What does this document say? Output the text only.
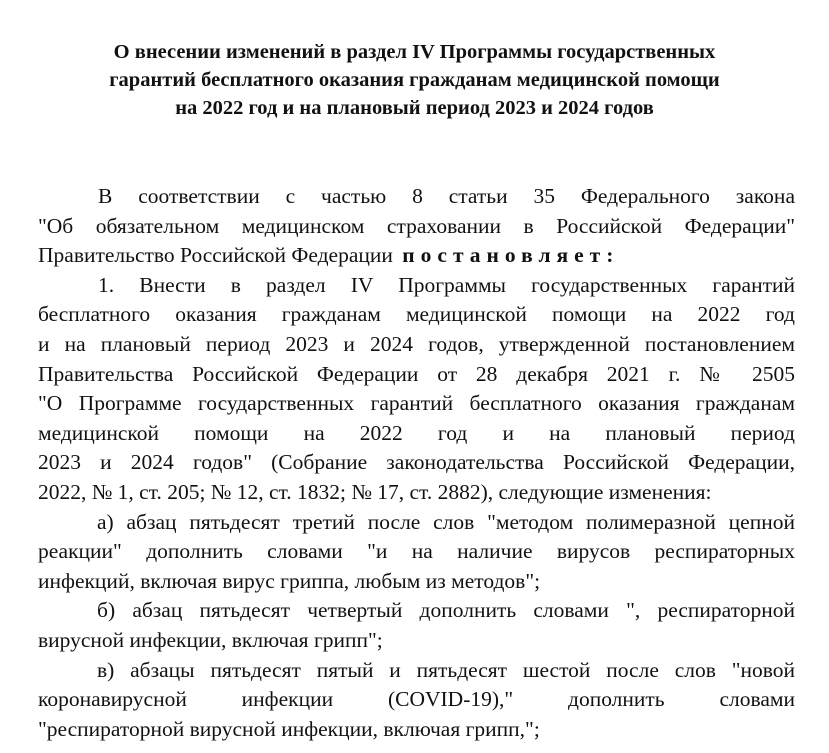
О внесении изменений в раздел IV Программы государственных
гарантий бесплатного оказания гражданам медицинской помощи
на 2022 год и на плановый период 2023 и 2024 годов
В соответствии с частью 8 статьи 35 Федерального закона
"Об обязательном медицинском страховании в Российской Федерации"
Правительство Российской Федерации постановляет:
1. Внести в раздел IV Программы государственных гарантий
бесплатного оказания гражданам медицинской помощи на 2022 год
и на плановый период 2023 и 2024 годов, утвержденной постановлением
Правительства Российской Федерации от 28 декабря 2021 г. № 2505
"О Программе государственных гарантий бесплатного оказания гражданам
медицинской помощи на 2022 год и на плановый период
2023 и 2024 годов" (Собрание законодательства Российской Федерации,
2022, № 1, ст. 205; № 12, ст. 1832; № 17, ст. 2882), следующие изменения:
а) абзац пятьдесят третий после слов "методом полимеразной цепной
реакции" дополнить словами "и на наличие вирусов респираторных
инфекций, включая вирус гриппа, любым из методов";
б) абзац пятьдесят четвертый дополнить словами ", респираторной
вирусной инфекции, включая грипп";
в) абзацы пятьдесят пятый и пятьдесят шестой после слов "новой
коронавирусной инфекции (COVID-19)," дополнить словами
"респираторной вирусной инфекции, включая грипп,";
